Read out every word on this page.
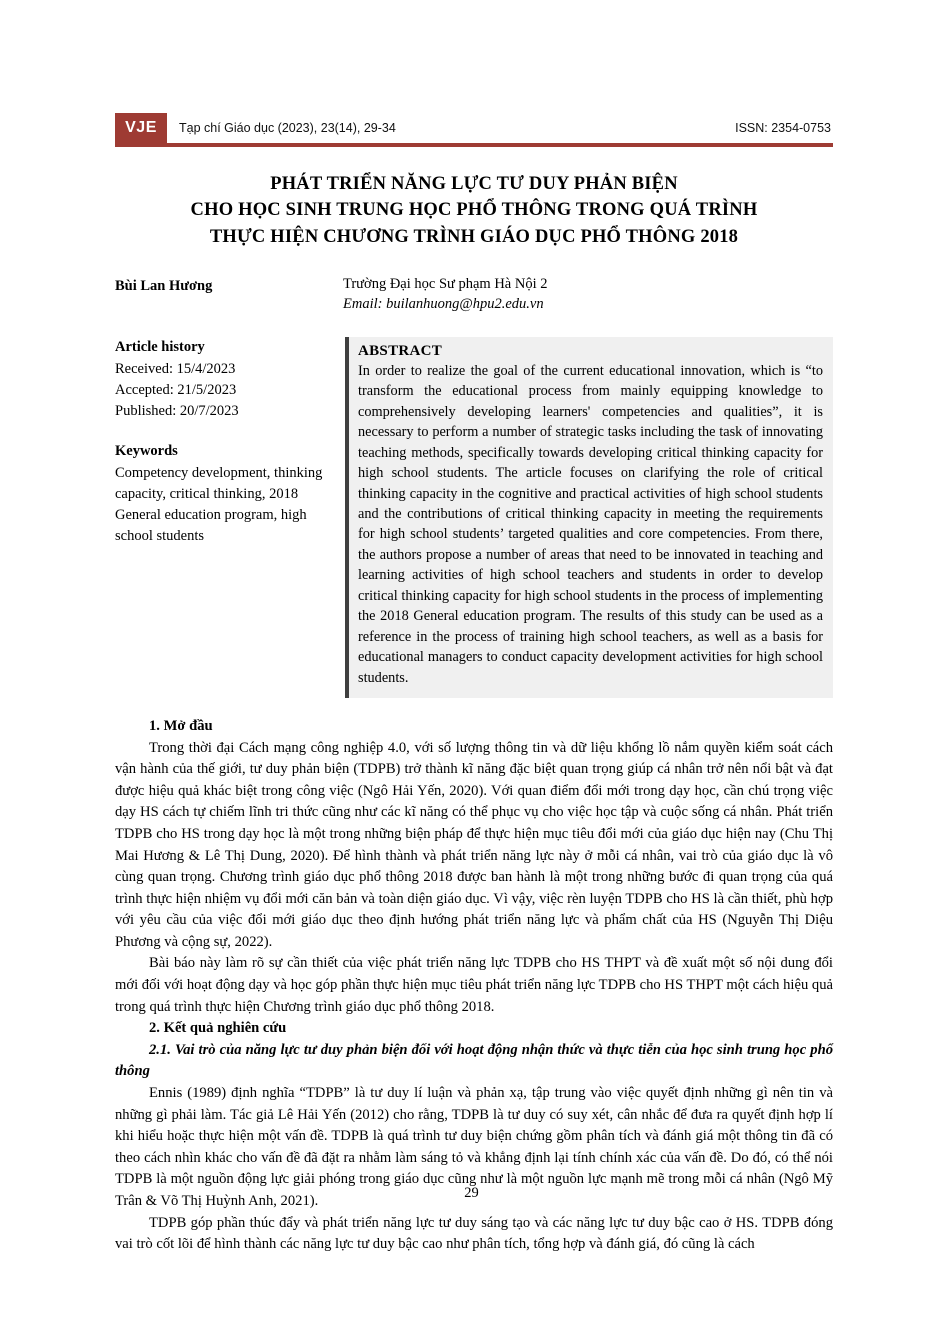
VJE	Tạp chí Giáo dục (2023), 23(14), 29-34	ISSN: 2354-0753
PHÁT TRIỂN NĂNG LỰC TƯ DUY PHẢN BIỆN
CHO HỌC SINH TRUNG HỌC PHỔ THÔNG TRONG QUÁ TRÌNH
THỰC HIỆN CHƯƠNG TRÌNH GIÁO DỤC PHỔ THÔNG 2018
Bùi Lan Hương	Trường Đại học Sư phạm Hà Nội 2
Email: builanhuong@hpu2.edu.vn
Article history
Received: 15/4/2023
Accepted: 21/5/2023
Published: 20/7/2023
Keywords
Competency development, thinking capacity, critical thinking, 2018 General education program, high school students
ABSTRACT
In order to realize the goal of the current educational innovation, which is “to transform the educational process from mainly equipping knowledge to comprehensively developing learners' competencies and qualities”, it is necessary to perform a number of strategic tasks including the task of innovating teaching methods, specifically towards developing critical thinking capacity for high school students. The article focuses on clarifying the role of critical thinking capacity in the cognitive and practical activities of high school students and the contributions of critical thinking capacity in meeting the requirements for high school students’ targeted qualities and core competencies. From there, the authors propose a number of areas that need to be innovated in teaching and learning activities of high school teachers and students in order to develop critical thinking capacity for high school students in the process of implementing the 2018 General education program. The results of this study can be used as a reference in the process of training high school teachers, as well as a basis for educational managers to conduct capacity development activities for high school students.

1. Mở đầu

Trong thời đại Cách mạng công nghiệp 4.0, với số lượng thông tin và dữ liệu khổng lồ nắm quyền kiểm soát cách vận hành của thế giới, tư duy phản biện (TDPB) trở thành kĩ năng đặc biệt quan trọng giúp cá nhân trở nên nổi bật và đạt được hiệu quả khác biệt trong công việc (Ngô Hải Yến, 2020). Với quan điểm đổi mới trong dạy học, cần chú trọng việc dạy HS cách tự chiếm lĩnh tri thức cũng như các kĩ năng có thể phục vụ cho việc học tập và cuộc sống cá nhân. Phát triển TDPB cho HS trong dạy học là một trong những biện pháp để thực hiện mục tiêu đổi mới của giáo dục hiện nay (Chu Thị Mai Hương & Lê Thị Dung, 2020). Để hình thành và phát triển năng lực này ở mỗi cá nhân, vai trò của giáo dục là vô cùng quan trọng. Chương trình giáo dục phổ thông 2018 được ban hành là một trong những bước đi quan trọng của quá trình thực hiện nhiệm vụ đổi mới căn bản và toàn diện giáo dục. Vì vậy, việc rèn luyện TDPB cho HS là cần thiết, phù hợp với yêu cầu của việc đổi mới giáo dục theo định hướng phát triển năng lực và phẩm chất của HS (Nguyễn Thị Diệu Phương và cộng sự, 2022).

Bài báo này làm rõ sự cần thiết của việc phát triển năng lực TDPB cho HS THPT và đề xuất một số nội dung đổi mới đối với hoạt động dạy và học góp phần thực hiện mục tiêu phát triển năng lực TDPB cho HS THPT một cách hiệu quả trong quá trình thực hiện Chương trình giáo dục phổ thông 2018.

2. Kết quả nghiên cứu

2.1. Vai trò của năng lực tư duy phản biện đối với hoạt động nhận thức và thực tiễn của học sinh trung học phổ thông

Ennis (1989) định nghĩa “TDPB” là tư duy lí luận và phản xạ, tập trung vào việc quyết định những gì nên tin và những gì phải làm. Tác giả Lê Hải Yến (2012) cho rằng, TDPB là tư duy có suy xét, cân nhắc để đưa ra quyết định hợp lí khi hiểu hoặc thực hiện một vấn đề. TDPB là quá trình tư duy biện chứng gồm phân tích và đánh giá một thông tin đã có theo cách nhìn khác cho vấn đề đã đặt ra nhằm làm sáng tỏ và khẳng định lại tính chính xác của vấn đề. Do đó, có thể nói TDPB là một nguồn động lực giải phóng trong giáo dục cũng như là một nguồn lực mạnh mẽ trong mỗi cá nhân (Ngô Mỹ Trân & Võ Thị Huỳnh Anh, 2021).

TDPB góp phần thúc đẩy và phát triển năng lực tư duy sáng tạo và các năng lực tư duy bậc cao ở HS. TDPB đóng vai trò cốt lõi để hình thành các năng lực tư duy bậc cao như phân tích, tổng hợp và đánh giá, đó cũng là cách

29
